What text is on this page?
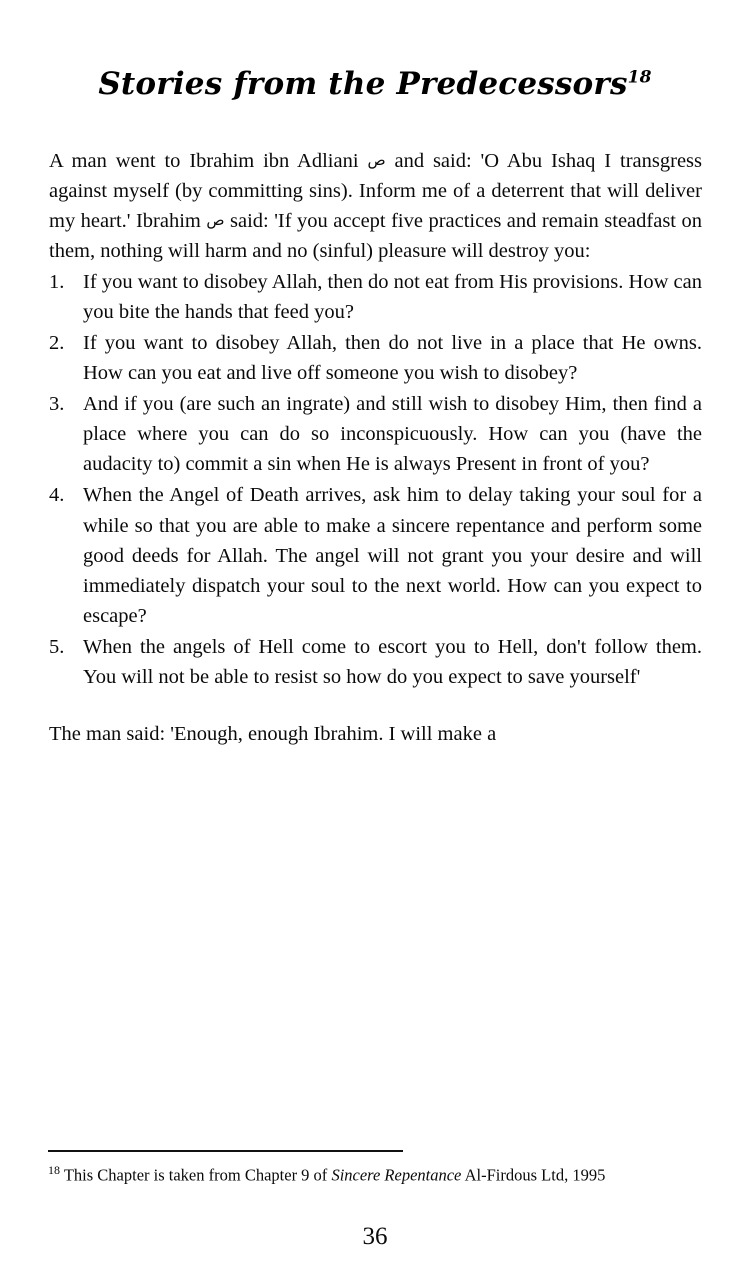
Stories from the Predecessors$^{18}$

A man went to Ibrahim ibn Adliani ص and said: 'O Abu Ishaq I transgress against myself (by committing sins). Inform me of a deterrent that will deliver my heart.' Ibrahim ص said: 'If you accept five practices and remain steadfast on them, nothing will harm and no (sinful) pleasure will destroy you:

1. If you want to disobey Allah, then do not eat from His provisions. How can you bite the hands that feed you?
2. If you want to disobey Allah, then do not live in a place that He owns. How can you eat and live off someone you wish to disobey?
3. And if you (are such an ingrate) and still wish to disobey Him, then find a place where you can do so inconspicuously. How can you (have the audacity to) commit a sin when He is always Present in front of you?
4. When the Angel of Death arrives, ask him to delay taking your soul for a while so that you are able to make a sincere repentance and perform some good deeds for Allah. The angel will not grant you your desire and will immediately dispatch your soul to the next world. How can you expect to escape?
5. When the angels of Hell come to escort you to Hell, don't follow them. You will not be able to resist so how do you expect to save yourself'

The man said: 'Enough, enough Ibrahim. I will make a

$^{18}$ This Chapter is taken from Chapter 9 of Sincere Repentance Al-Firdous Ltd, 1995

36
